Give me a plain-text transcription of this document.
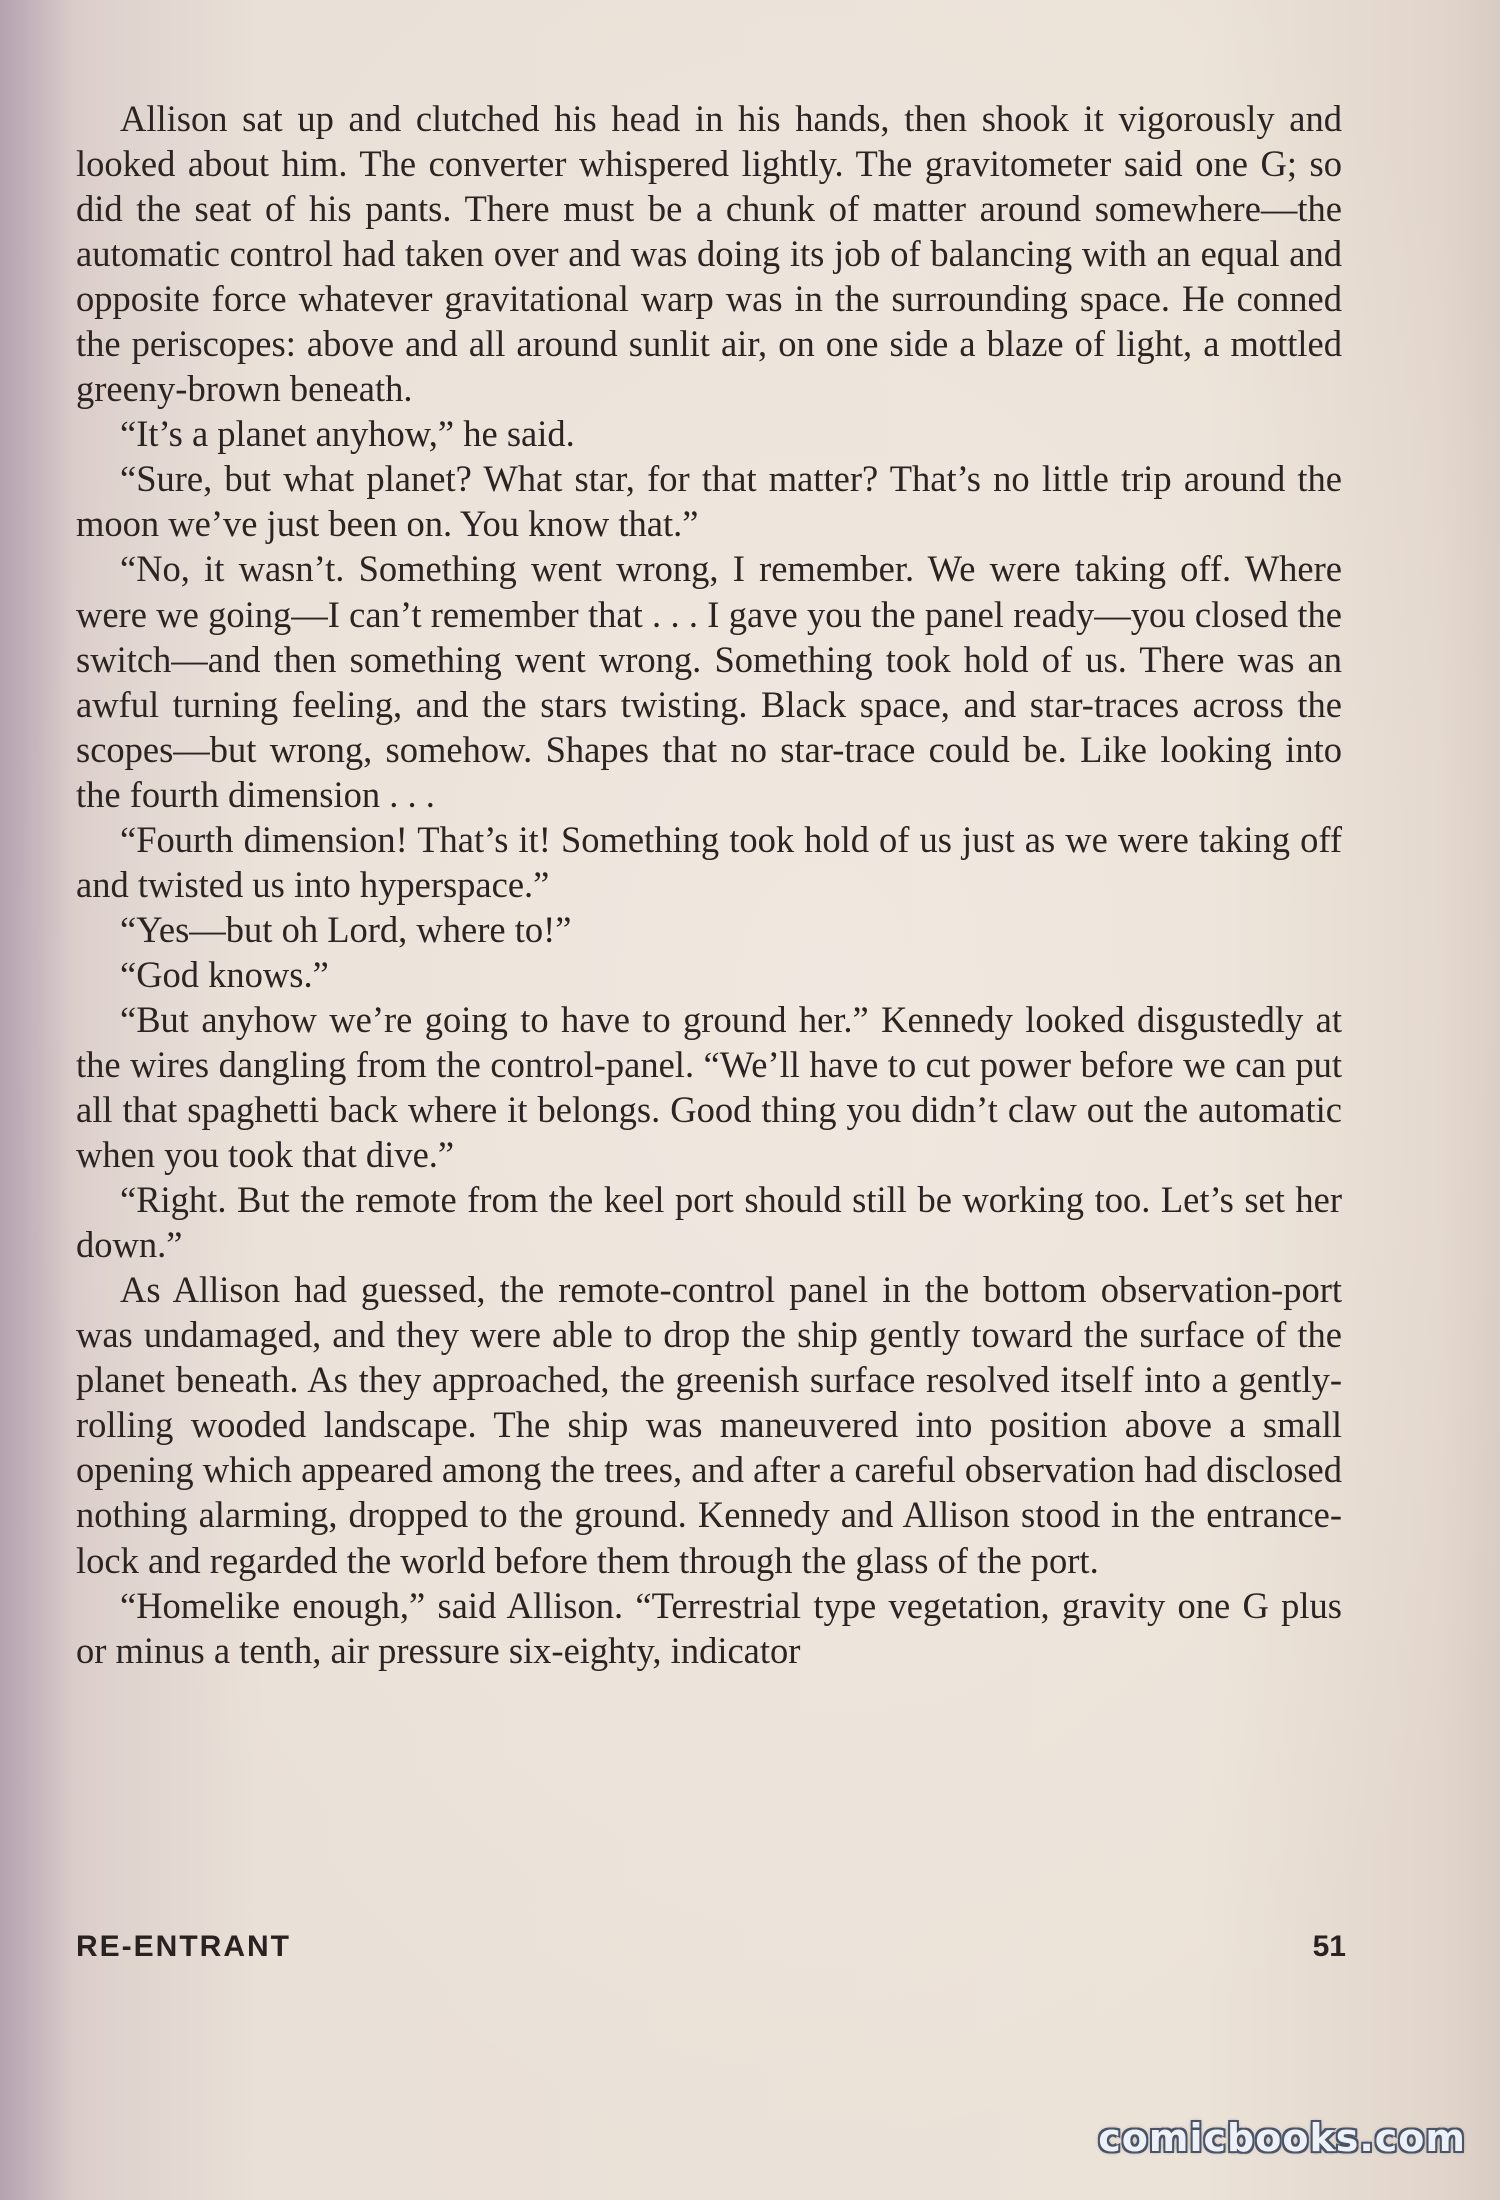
Allison sat up and clutched his head in his hands, then shook it vigorously and looked about him. The converter whispered lightly. The gravitometer said one G; so did the seat of his pants. There must be a chunk of matter around somewhere—the automatic control had taken over and was doing its job of balancing with an equal and opposite force whatever gravitational warp was in the surrounding space. He conned the periscopes: above and all around sunlit air, on one side a blaze of light, a mottled greeny-brown beneath.

“It’s a planet anyhow,” he said.

“Sure, but what planet? What star, for that matter? That’s no little trip around the moon we’ve just been on. You know that.”

“No, it wasn’t. Something went wrong, I remember. We were taking off. Where were we going—I can’t remember that . . . I gave you the panel ready—you closed the switch—and then something went wrong. Something took hold of us. There was an awful turning feeling, and the stars twisting. Black space, and star-traces across the scopes—but wrong, somehow. Shapes that no star-trace could be. Like looking into the fourth dimension . . .

“Fourth dimension! That’s it! Something took hold of us just as we were taking off and twisted us into hyperspace.”

“Yes—but oh Lord, where to!”

“God knows.”

“But anyhow we’re going to have to ground her.” Kennedy looked disgustedly at the wires dangling from the control-panel. “We’ll have to cut power before we can put all that spaghetti back where it belongs. Good thing you didn’t claw out the automatic when you took that dive.”

“Right. But the remote from the keel port should still be working too. Let’s set her down.”

As Allison had guessed, the remote-control panel in the bottom observation-port was undamaged, and they were able to drop the ship gently toward the surface of the planet beneath. As they approached, the greenish surface resolved itself into a gently-rolling wooded landscape. The ship was maneuvered into position above a small opening which appeared among the trees, and after a careful observation had disclosed nothing alarming, dropped to the ground. Kennedy and Allison stood in the entrance-lock and regarded the world before them through the glass of the port.

“Homelike enough,” said Allison. “Terrestrial type vegetation, gravity one G plus or minus a tenth, air pressure six-eighty, indicator

RE-ENTRANT	51
comicbooks.com
